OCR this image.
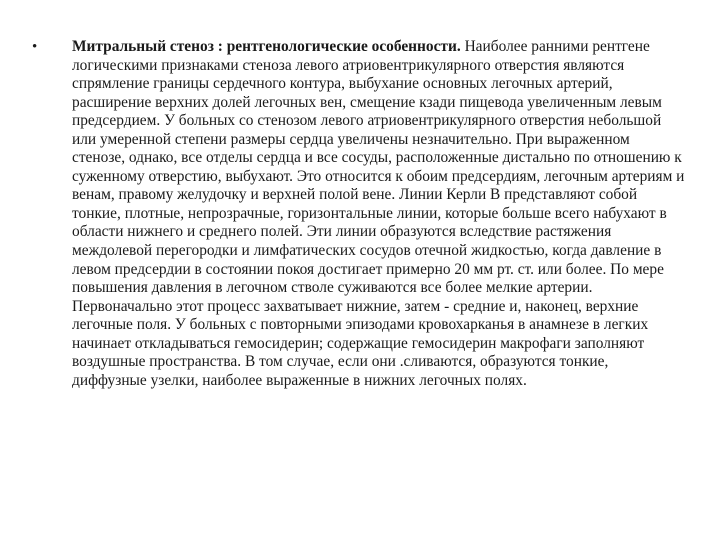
•	Митральный стеноз : рентгенологические особенности. Наиболее ранними рентгене логическими признаками стеноза левого атриовентрикулярного отверстия являются спрямление границы сердечного контура, выбухание основных легочных артерий, расширение верхних долей легочных вен, смещение кзади пищевода увеличенным левым предсердием. У больных со стенозом левого атриовентрикулярного отверстия небольшой или умеренной степени размеры сердца увеличены незначительно. При выраженном стенозе, однако, все отделы сердца и все сосуды, расположенные дистально по отношению к суженному отверстию, выбухают. Это относится к обоим предсердиям, легочным артериям и венам, правому желудочку и верхней полой вене. Линии Керли В представляют собой тонкие, плотные, непрозрачные, горизонтальные линии, которые больше всего набухают в области нижнего и среднего полей. Эти линии образуются вследствие растяжения междолевой перегородки и лимфатических сосудов отечной жидкостью, когда давление в левом предсердии в состоянии покоя достигает примерно 20 мм рт. ст. или более. По мере повышения давления в легочном стволе суживаются все более мелкие артерии. Первоначально этот процесс захватывает нижние, затем - средние и, наконец, верхние легочные поля. У больных с повторными эпизодами кровохарканья в анамнезе в легких начинает откладываться гемосидерин; содержащие гемосидерин макрофаги заполняют воздушные пространства. В том случае, если они .сливаются, образуются тонкие, диффузные узелки, наиболее выраженные в нижних легочных полях.
